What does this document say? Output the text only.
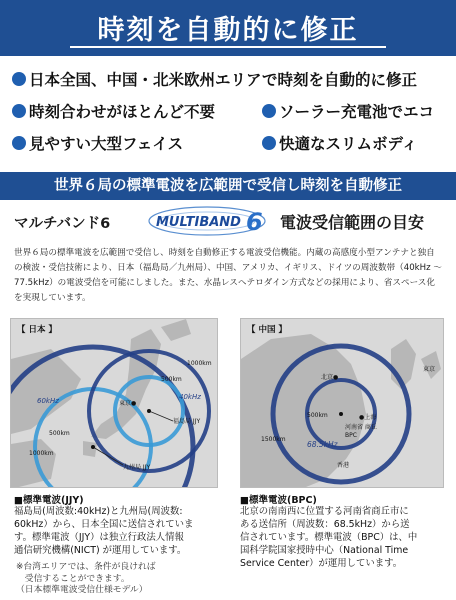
時刻を自動的に修正
日本全国、中国・北米欧州エリアで時刻を自動的に修正
時刻合わせがほとんど不要	ソーラー充電池でエコ
見やすい大型フェイス	快適なスリムボディ
世界６局の標準電波を広範囲で受信し時刻を自動修正
マルチバンド6	MULTIBAND 6 電波受信範囲の目安
世界６局の標準電波を広範囲で受信し、時刻を自動修正する電波受信機能。内蔵の高感度小型アンテナと独自の検波・受信技術により、日本（福島局／九州局）、中国、アメリカ、イギリス、ドイツの周波数帯（40kHz ～ 77.5kHz）の電波受信を可能にしました。また、水晶レスヘテロダイン方式などの採用により、省スペース化を実現しています。
1000km
500km
東京●
60kHz	40kHz
福島局 JJY
500km
1000km
九州局 JJY
【 日本 】
北京●
東京
500km	●上海
河南省 商丘
BPC
1500km
68.5kHz
香港
【 中国 】
■標準電波(JJY)
福島局(周波数:40kHz)と九州局(周波数:
60kHz）から、日本全国に送信されていま
す。標準電波（JJY）は独立行政法人情報
通信研究機構(NICT) が運用しています。
■標準電波(BPC)
北京の南南西に位置する河南省商丘市に
ある送信所（周波数：68.5kHz）から送
信されています。標準電波（BPC）は、中
国科学院国家授時中心（National Time
Service Center）が運用しています。
※台湾エリアでは、条件が良ければ
　受信することができます。
（日本標準電波受信仕様モデル）
